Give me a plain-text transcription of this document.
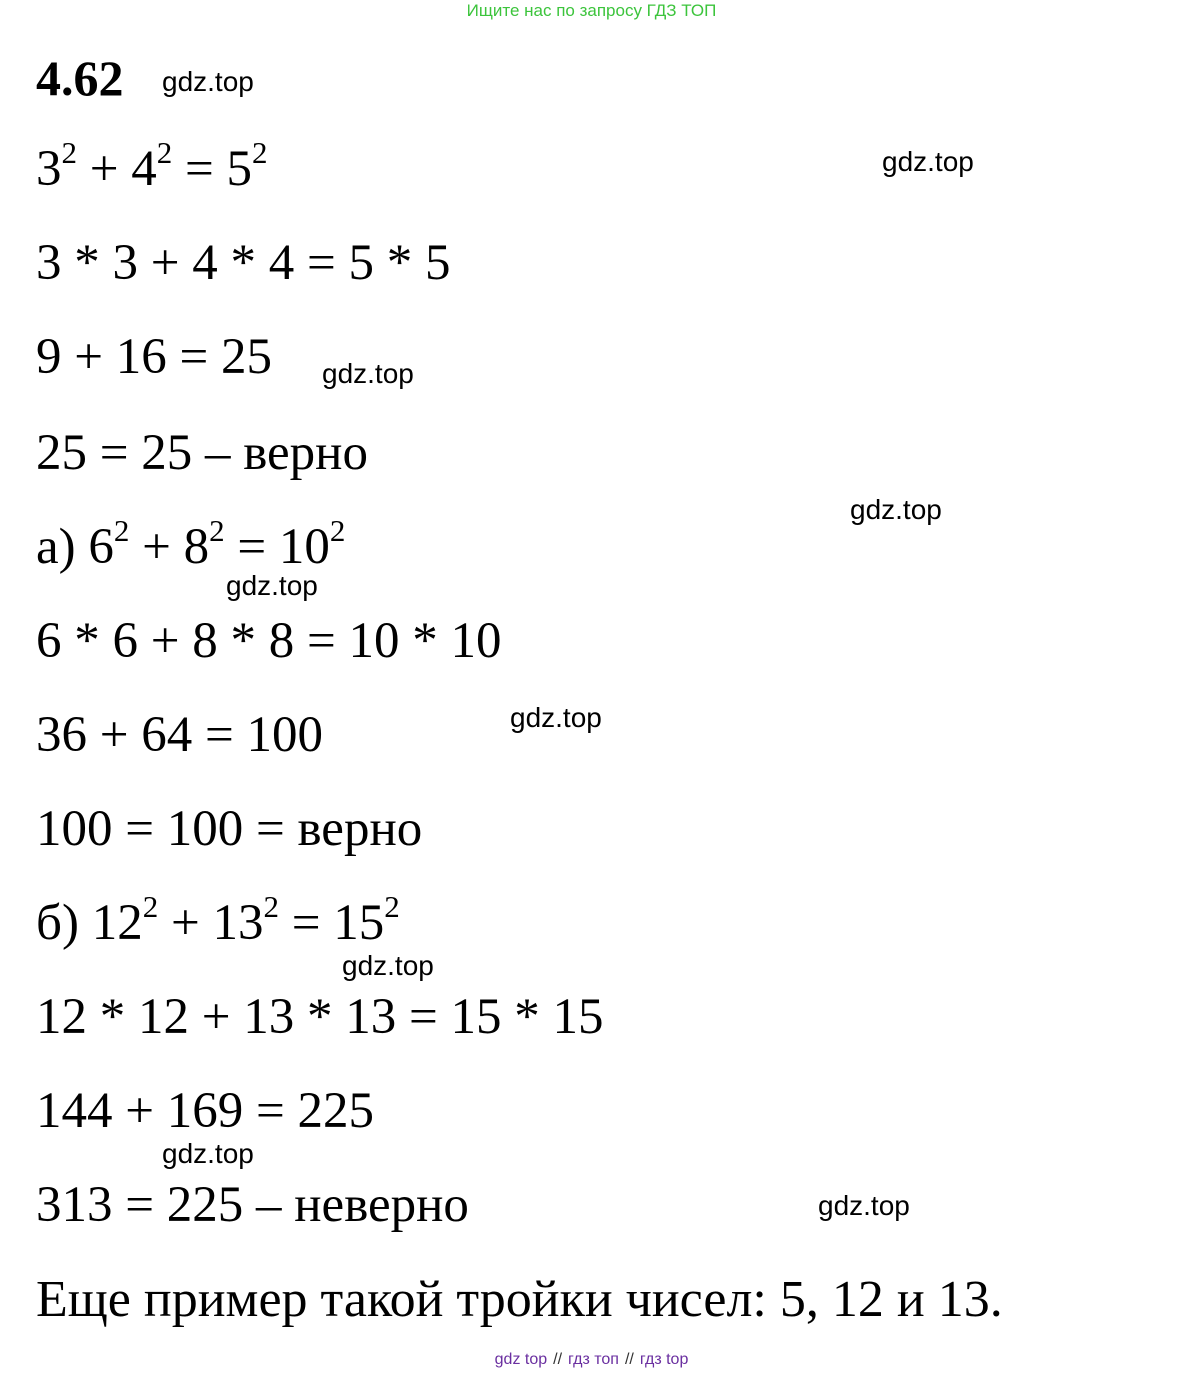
Ищите нас по запросу ГДЗ ТОП
4.62 gdz.top
gdz.top
gdz.top
gdz.top
gdz.top
gdz.top
gdz.top
gdz.top
gdz.top
$3^2 + 4^2 = 5^2$
3 * 3 + 4 * 4 = 5 * 5
9 + 16 = 25
25 = 25 – верно
а) $6^2 + 8^2 = 10^2$
6 * 6 + 8 * 8 = 10 * 10
36 + 64 = 100
100 = 100 = верно
б) $12^2 + 13^2 = 15^2$
12 * 12 + 13 * 13 = 15 * 15
144 + 169 = 225
313 = 225 – неверно
Еще пример такой тройки чисел: 5, 12 и 13.
gdz top // гдз топ // гдз top
